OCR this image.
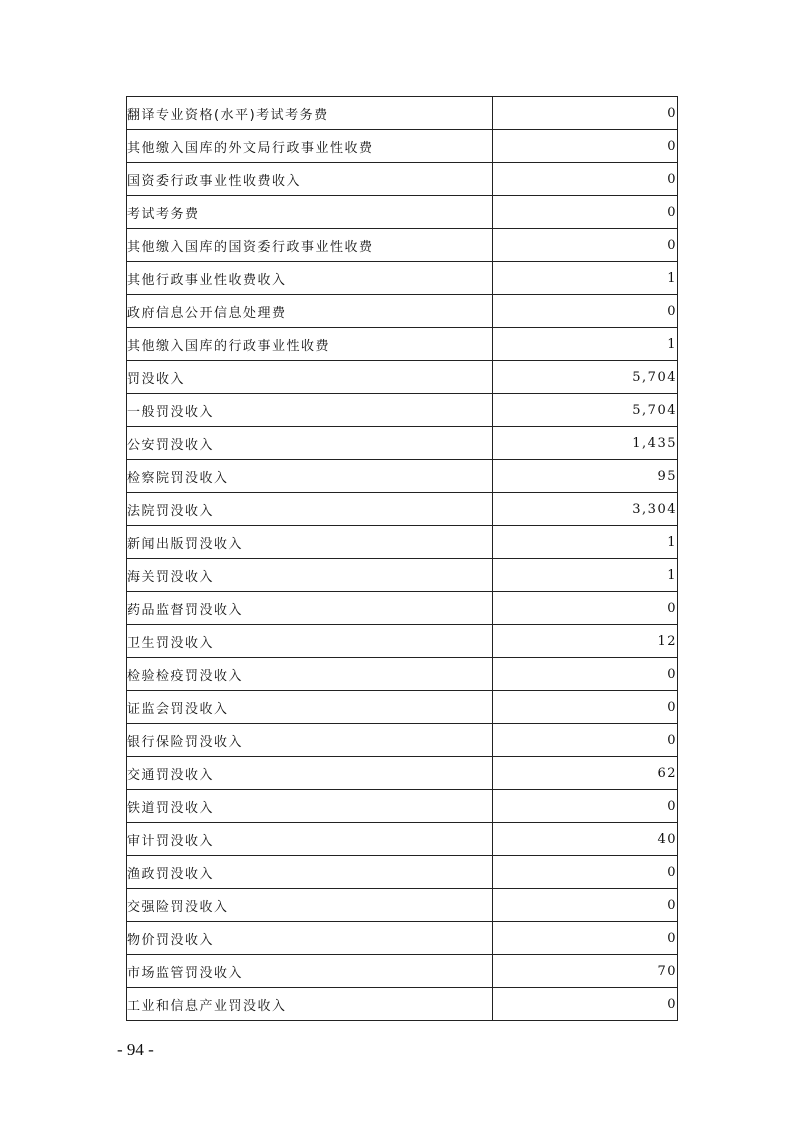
翻译专业资格(水平)考试考务费	0
其他缴入国库的外文局行政事业性收费	0
国资委行政事业性收费收入	0
考试考务费	0
其他缴入国库的国资委行政事业性收费	0
其他行政事业性收费收入	1
政府信息公开信息处理费	0
其他缴入国库的行政事业性收费	1
罚没收入	5,704
一般罚没收入	5,704
公安罚没收入	1,435
检察院罚没收入	95
法院罚没收入	3,304
新闻出版罚没收入	1
海关罚没收入	1
药品监督罚没收入	0
卫生罚没收入	12
检验检疫罚没收入	0
证监会罚没收入	0
银行保险罚没收入	0
交通罚没收入	62
铁道罚没收入	0
审计罚没收入	40
渔政罚没收入	0
交强险罚没收入	0
物价罚没收入	0
市场监管罚没收入	70
工业和信息产业罚没收入	0
- 94 -
